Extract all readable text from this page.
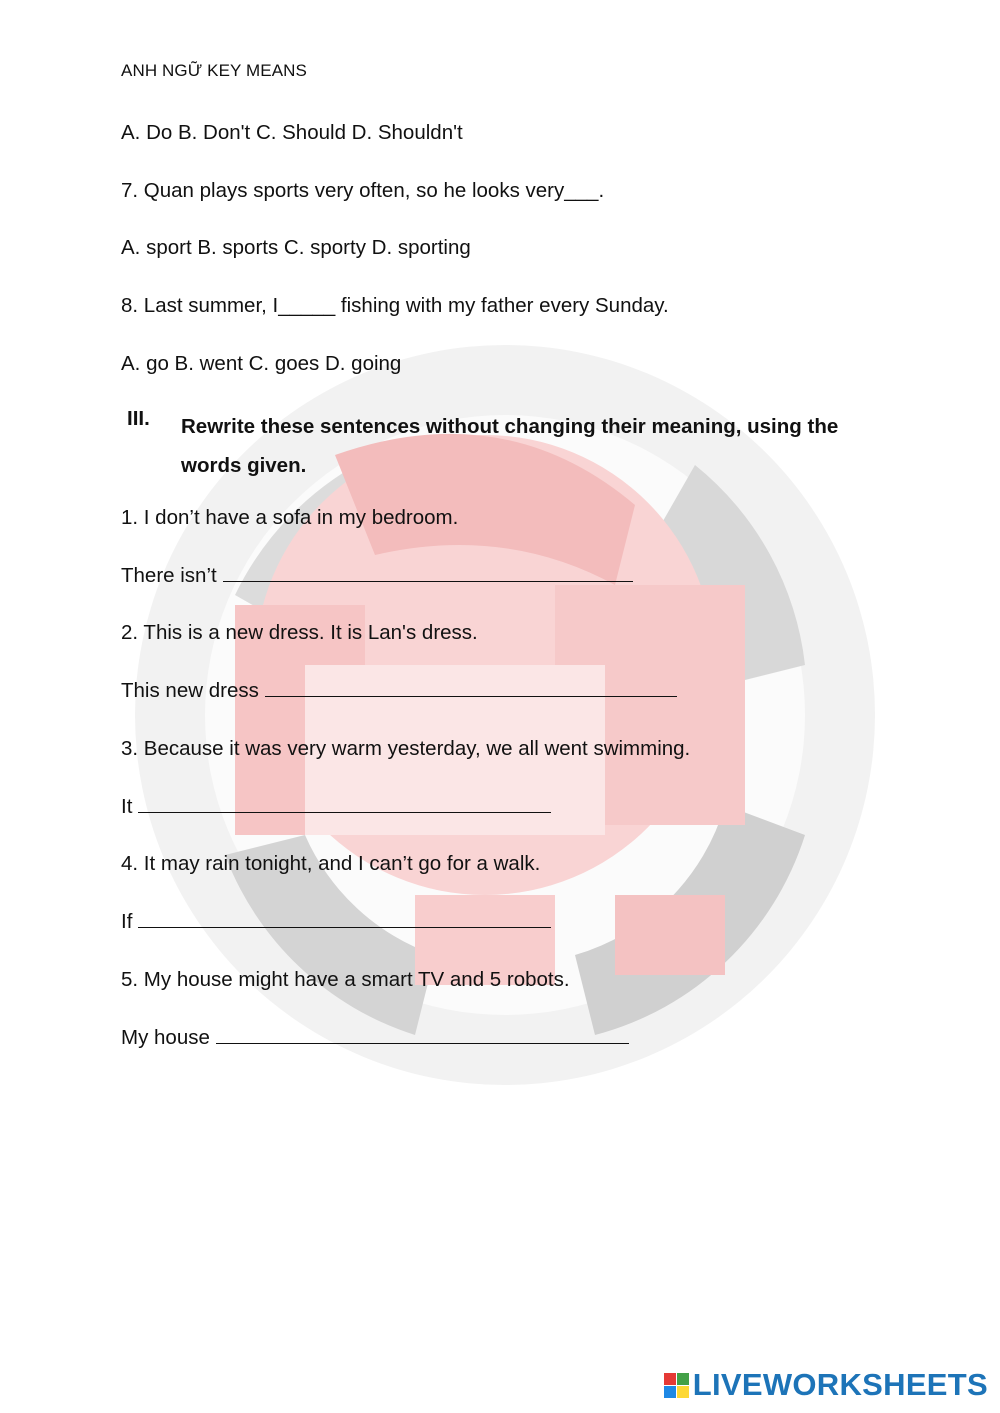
ANH NGỮ KEY MEANS
A. Do B. Don't C. Should D. Shouldn't
7. Quan plays sports very often, so he looks very___.
A. sport B. sports C. sporty D. sporting
8. Last summer, I_____ fishing with my father every Sunday.
A. go B. went C. goes D. going
III. Rewrite these sentences without changing their meaning, using the words given.
1. I don’t have a sofa in my bedroom.
There isn’t
2. This is a new dress. It is Lan's dress.
This new dress
3. Because it was very warm yesterday, we all went swimming.
It
4. It may rain tonight, and I can’t go for a walk.
If
5. My house might have a smart TV and 5 robots.
My house
LIVEWORKSHEETS
